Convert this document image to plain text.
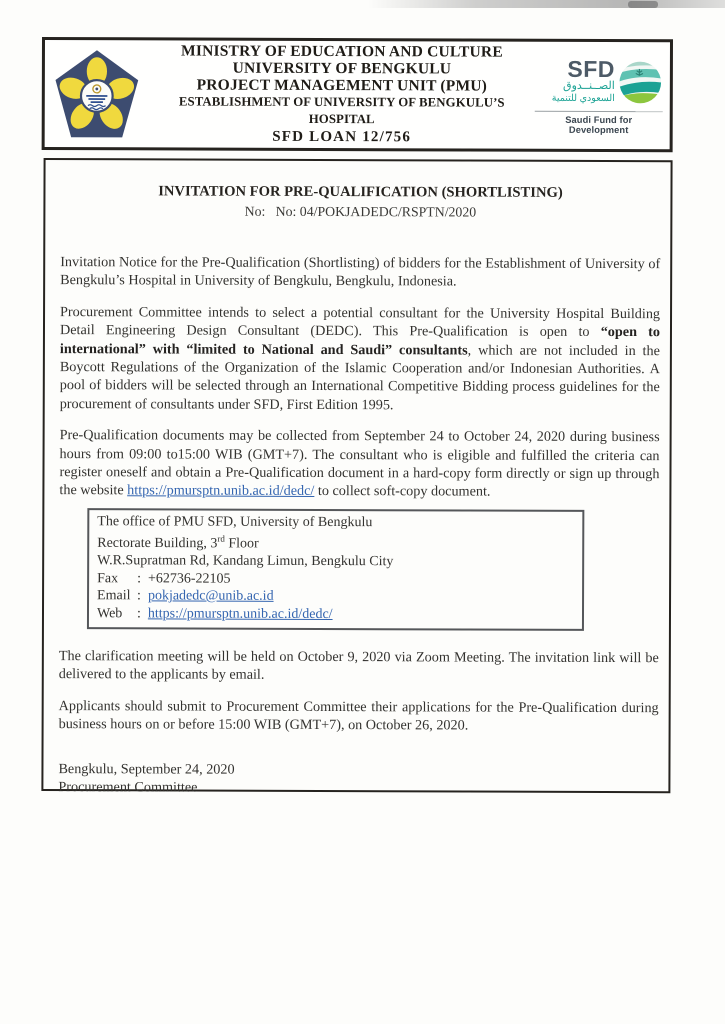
MINISTRY OF EDUCATION AND CULTURE
UNIVERSITY OF BENGKULU
PROJECT MANAGEMENT UNIT (PMU)
ESTABLISHMENT OF UNIVERSITY OF BENGKULU’S HOSPITAL
SFD LOAN 12/756
SFD
الصــنــدوق
السعودي للتنمية
Saudi Fund for Development
INVITATION FOR PRE-QUALIFICATION (SHORTLISTING)
No:   No: 04/POKJADEDC/RSPTN/2020

Invitation Notice for the Pre-Qualification (Shortlisting) of bidders for the Establishment of University of Bengkulu’s Hospital in University of Bengkulu, Bengkulu, Indonesia.

Procurement Committee intends to select a potential consultant for the University Hospital Building Detail Engineering Design Consultant (DEDC). This Pre-Qualification is open to “open to international” with “limited to National and Saudi” consultants, which are not included in the Boycott Regulations of the Organization of the Islamic Cooperation and/or Indonesian Authorities. A pool of bidders will be selected through an International Competitive Bidding process guidelines for the procurement of consultants under SFD, First Edition 1995.

Pre-Qualification documents may be collected from September 24 to October 24, 2020 during business hours from 09:00 to15:00 WIB (GMT+7). The consultant who is eligible and fulfilled the criteria can register oneself and obtain a Pre-Qualification document in a hard-copy form directly or sign up through the website https://pmursptn.unib.ac.id/dedc/ to collect soft-copy document.

The office of PMU SFD, University of Bengkulu
Rectorate Building, 3rd Floor
W.R.Supratman Rd, Kandang Limun, Bengkulu City
Fax : +62736-22105
Email : pokjadedc@unib.ac.id
Web : https://pmursptn.unib.ac.id/dedc/

The clarification meeting will be held on October 9, 2020 via Zoom Meeting. The invitation link will be delivered to the applicants by email.

Applicants should submit to Procurement Committee their applications for the Pre-Qualification during business hours on or before 15:00 WIB (GMT+7), on October 26, 2020.

Bengkulu, September 24, 2020
Procurement Committee
